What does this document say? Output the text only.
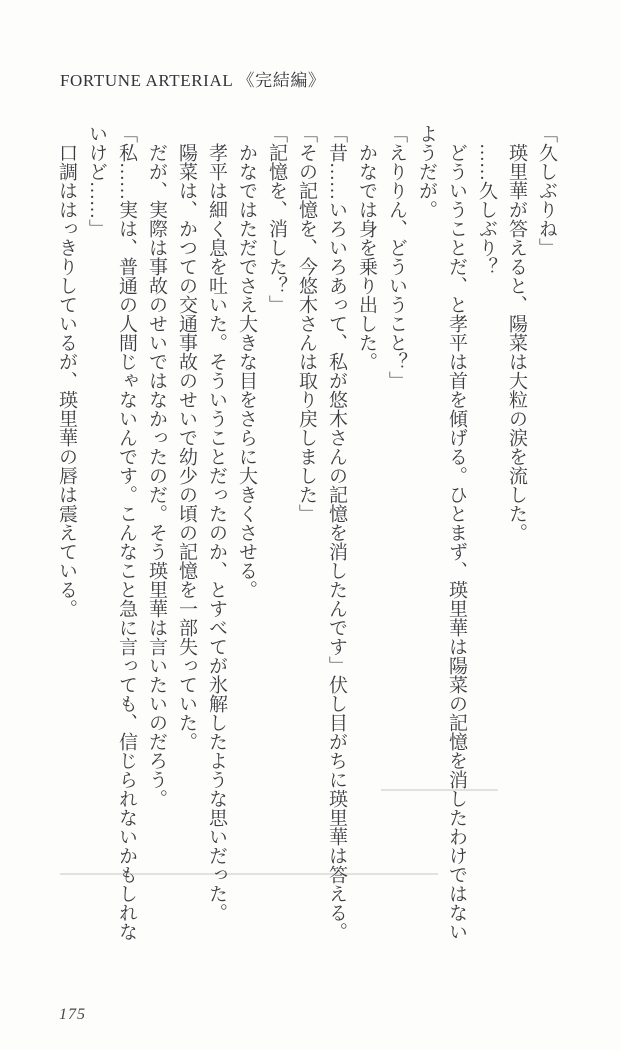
FORTUNE ARTERIAL 《完結編》

「久しぶりね」

　瑛里華が答えると、陽菜は大粒の涙を流した。

　……久しぶり？

　どういうことだ、と孝平は首を傾げる。ひとまず、瑛里華は陽菜の記憶を消したわけではないようだが。

「えりりん、どういうこと？」

　かなでは身を乗り出した。

「昔……いろいろあって、私が悠木さんの記憶を消したんです」伏し目がちに瑛里華は答える。

「その記憶を、今悠木さんは取り戻しました」

「記憶を、消した？」

　かなではただでさえ大きな目をさらに大きくさせる。

　孝平は細く息を吐いた。そういうことだったのか、とすべてが氷解したような思いだった。

　陽菜は、かつての交通事故のせいで幼少の頃の記憶を一部失っていた。

　だが、実際は事故のせいではなかったのだ。そう瑛里華は言いたいのだろう。

「私……実は、普通の人間じゃないんです。こんなこと急に言っても、信じられないかもしれないけど……」

　口調ははっきりしているが、瑛里華の唇は震えている。

175
